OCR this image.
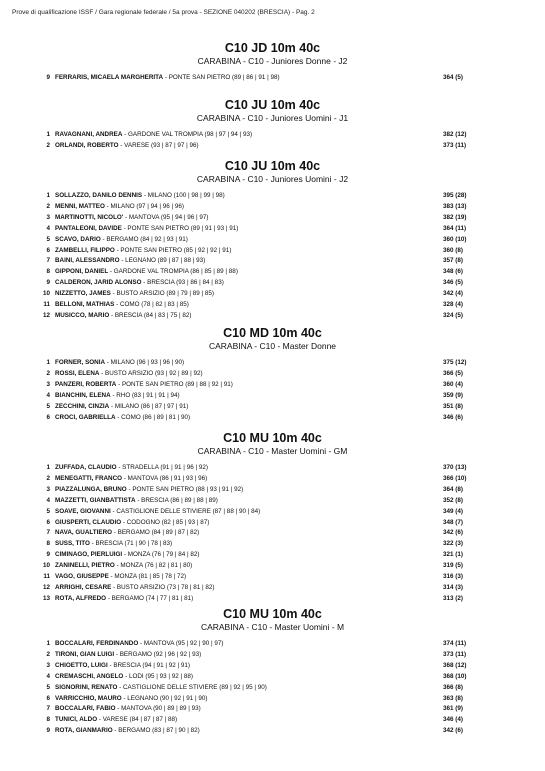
Prove di qualificazione ISSF / Gara regionale federale / 5a prova - SEZIONE 040202 (BRESCIA) - Pag. 2
C10 JD 10m 40c
CARABINA - C10 - Juniores Donne - J2
9 FERRARIS, MICAELA MARGHERITA - PONTE SAN PIETRO (89 | 86 | 91 | 98)	364 (5)
C10 JU 10m 40c
CARABINA - C10 - Juniores Uomini - J1
1 RAVAGNANI, ANDREA - GARDONE VAL TROMPIA (98 | 97 | 94 | 93)	382 (12)
2 ORLANDI, ROBERTO - VARESE (93 | 87 | 97 | 96)	373 (11)
C10 JU 10m 40c
CARABINA - C10 - Juniores Uomini - J2
1 SOLLAZZO, DANILO DENNIS - MILANO (100 | 98 | 99 | 98)	395 (28)
2 MENNI, MATTEO - MILANO (97 | 94 | 96 | 96)	383 (13)
3 MARTINOTTI, NICOLO' - MANTOVA (95 | 94 | 96 | 97)	382 (19)
4 PANTALEONI, DAVIDE - PONTE SAN PIETRO (89 | 91 | 93 | 91)	364 (11)
5 SCAVO, DARIO - BERGAMO (84 | 92 | 93 | 91)	360 (10)
6 ZAMBELLI, FILIPPO - PONTE SAN PIETRO (85 | 92 | 92 | 91)	360 (8)
7 BAINI, ALESSANDRO - LEGNANO (89 | 87 | 88 | 93)	357 (8)
8 GIPPONI, DANIEL - GARDONE VAL TROMPIA (86 | 85 | 89 | 88)	348 (6)
9 CALDERON, JARID ALONSO - BRESCIA (93 | 86 | 84 | 83)	346 (5)
10 NIZZETTO, JAMES - BUSTO ARSIZIO (89 | 79 | 89 | 85)	342 (4)
11 BELLONI, MATHIAS - COMO (78 | 82 | 83 | 85)	328 (4)
12 MUSICCO, MARIO - BRESCIA (84 | 83 | 75 | 82)	324 (5)
C10 MD 10m 40c
CARABINA - C10 - Master Donne
1 FORNER, SONIA - MILANO (96 | 93 | 96 | 90)	375 (12)
2 ROSSI, ELENA - BUSTO ARSIZIO (93 | 92 | 89 | 92)	366 (5)
3 PANZERI, ROBERTA - PONTE SAN PIETRO (89 | 88 | 92 | 91)	360 (4)
4 BIANCHIN, ELENA - RHO (83 | 91 | 91 | 94)	359 (9)
5 ZECCHINI, CINZIA - MILANO (86 | 87 | 97 | 91)	351 (8)
6 CROCI, GABRIELLA - COMO (86 | 89 | 81 | 90)	346 (6)
C10 MU 10m 40c
CARABINA - C10 - Master Uomini - GM
1 ZUFFADA, CLAUDIO - STRADELLA (91 | 91 | 96 | 92)	370 (13)
2 MENEGATTI, FRANCO - MANTOVA (86 | 91 | 93 | 96)	366 (10)
3 PIAZZALUNGA, BRUNO - PONTE SAN PIETRO (88 | 93 | 91 | 92)	364 (8)
4 MAZZETTI, GIANBATTISTA - BRESCIA (86 | 89 | 88 | 89)	352 (8)
5 SOAVE, GIOVANNI - CASTIGLIONE DELLE STIVIERE (87 | 88 | 90 | 84)	349 (4)
6 GIUSPERTI, CLAUDIO - CODOGNO (82 | 85 | 93 | 87)	348 (7)
7 NAVA, GUALTIERO - BERGAMO (84 | 89 | 87 | 82)	342 (6)
8 SUSS, TITO - BRESCIA (71 | 90 | 78 | 83)	322 (3)
9 CIMINAGO, PIERLUIGI - MONZA (76 | 79 | 84 | 82)	321 (1)
10 ZANINELLI, PIETRO - MONZA (76 | 82 | 81 | 80)	319 (5)
11 VAGO, GIUSEPPE - MONZA (81 | 85 | 78 | 72)	316 (3)
12 ARRIGHI, CESARE - BUSTO ARSIZIO (73 | 78 | 81 | 82)	314 (3)
13 ROTA, ALFREDO - BERGAMO (74 | 77 | 81 | 81)	313 (2)
C10 MU 10m 40c
CARABINA - C10 - Master Uomini - M
1 BOCCALARI, FERDINANDO - MANTOVA (95 | 92 | 90 | 97)	374 (11)
2 TIRONI, GIAN LUIGI - BERGAMO (92 | 96 | 92 | 93)	373 (11)
3 CHIOETTO, LUIGI - BRESCIA (94 | 91 | 92 | 91)	368 (12)
4 CREMASCHI, ANGELO - LODI (95 | 93 | 92 | 88)	368 (10)
5 SIGNORINI, RENATO - CASTIGLIONE DELLE STIVIERE (89 | 92 | 95 | 90)	366 (8)
6 VARRICCHIO, MAURO - LEGNANO (90 | 92 | 91 | 90)	363 (8)
7 BOCCALARI, FABIO - MANTOVA (90 | 89 | 89 | 93)	361 (9)
8 TUNICI, ALDO - VARESE (84 | 87 | 87 | 88)	346 (4)
9 ROTA, GIANMARIO - BERGAMO (83 | 87 | 90 | 82)	342 (6)
